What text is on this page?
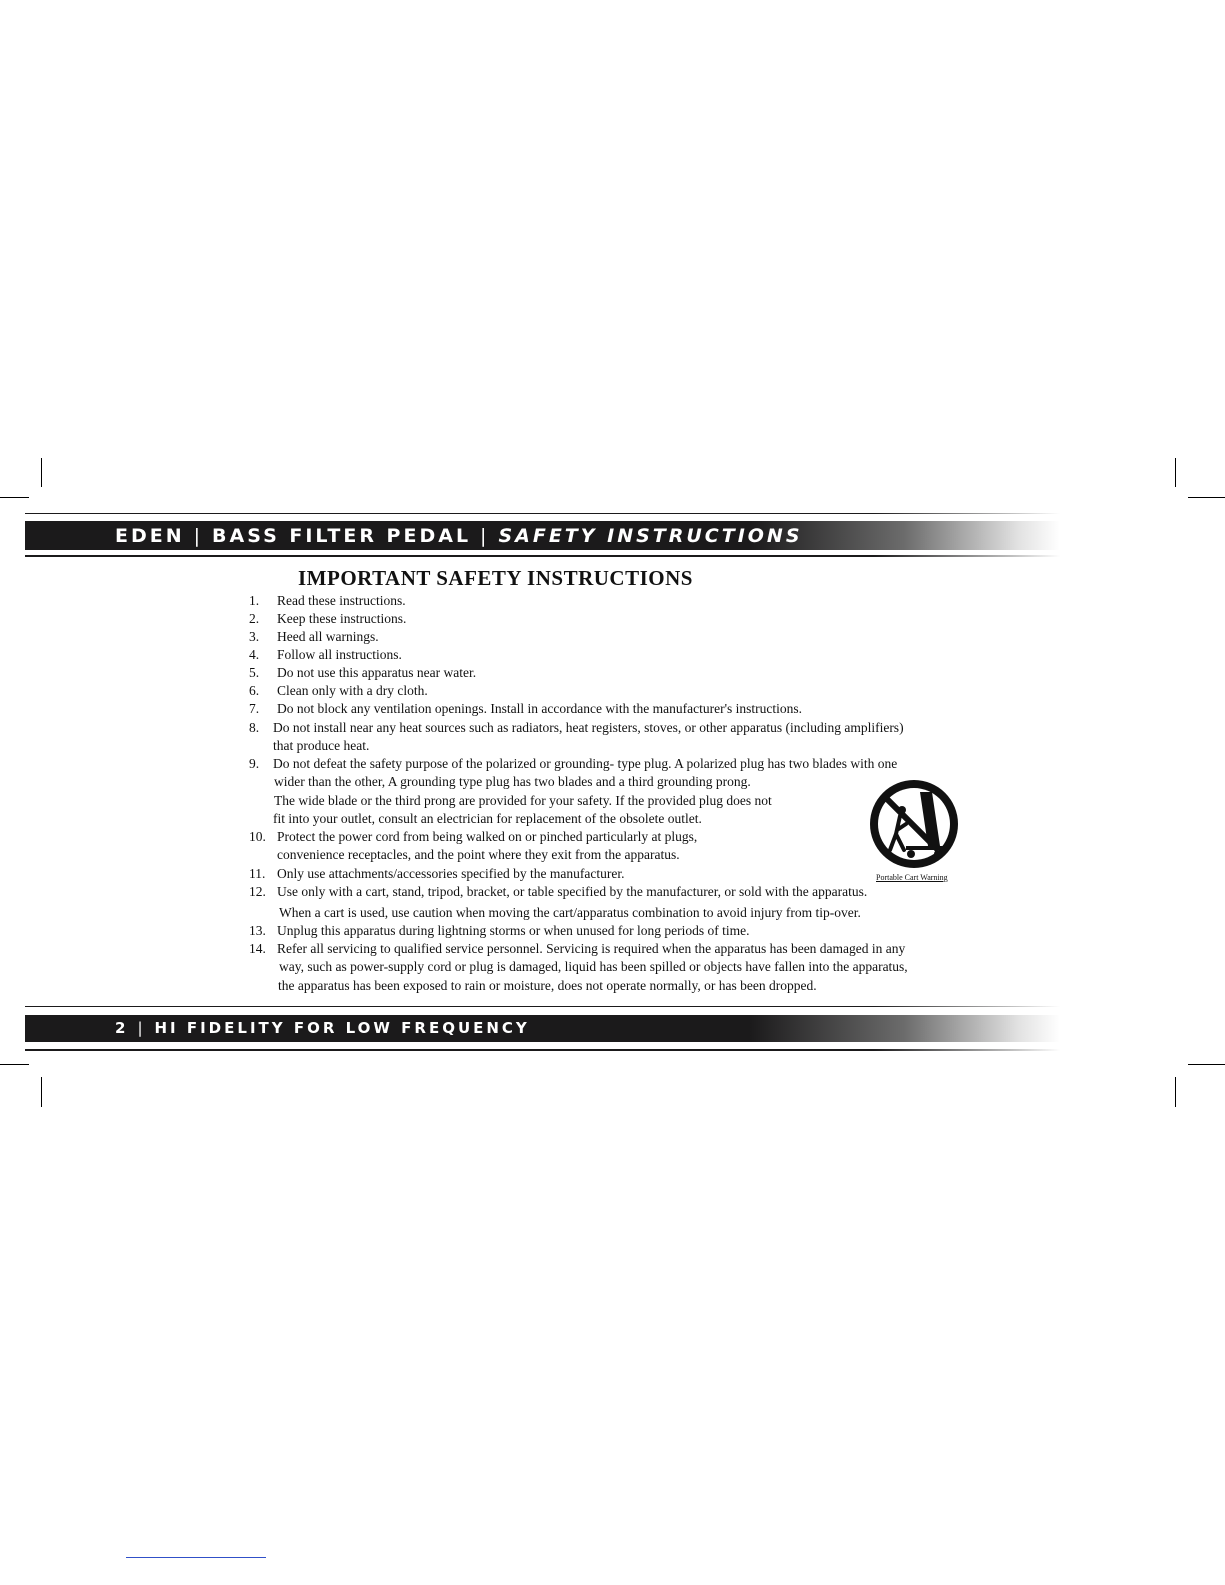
EDEN | BASS FILTER PEDAL | SAFETY INSTRUCTIONS
IMPORTANT SAFETY INSTRUCTIONS
1. Read these instructions.
2. Keep these instructions.
3. Heed all warnings.
4. Follow all instructions.
5. Do not use this apparatus near water.
6. Clean only with a dry cloth.
7. Do not block any ventilation openings. Install in accordance with the manufacturer's instructions.
8. Do not install near any heat sources such as radiators, heat registers, stoves, or other apparatus (including amplifiers)
that produce heat.
9. Do not defeat the safety purpose of the polarized or grounding- type plug. A polarized plug has two blades with one
wider than the other, A grounding type plug has two blades and a third grounding prong.
The wide blade or the third prong are provided for your safety. If the provided plug does not
fit into your outlet, consult an electrician for replacement of the obsolete outlet.
10. Protect the power cord from being walked on or pinched particularly at plugs,
convenience receptacles, and the point where they exit from the apparatus.
11. Only use attachments/accessories specified by the manufacturer.
12. Use only with a cart, stand, tripod, bracket, or table specified by the manufacturer, or sold with the apparatus.
When a cart is used, use caution when moving the cart/apparatus combination to avoid injury from tip-over.
13. Unplug this apparatus during lightning storms or when unused for long periods of time.
14. Refer all servicing to qualified service personnel. Servicing is required when the apparatus has been damaged in any
way, such as power-supply cord or plug is damaged, liquid has been spilled or objects have fallen into the apparatus,
the apparatus has been exposed to rain or moisture, does not operate normally, or has been dropped.
Portable Cart Warning
2 | HI FIDELITY FOR LOW FREQUENCY
